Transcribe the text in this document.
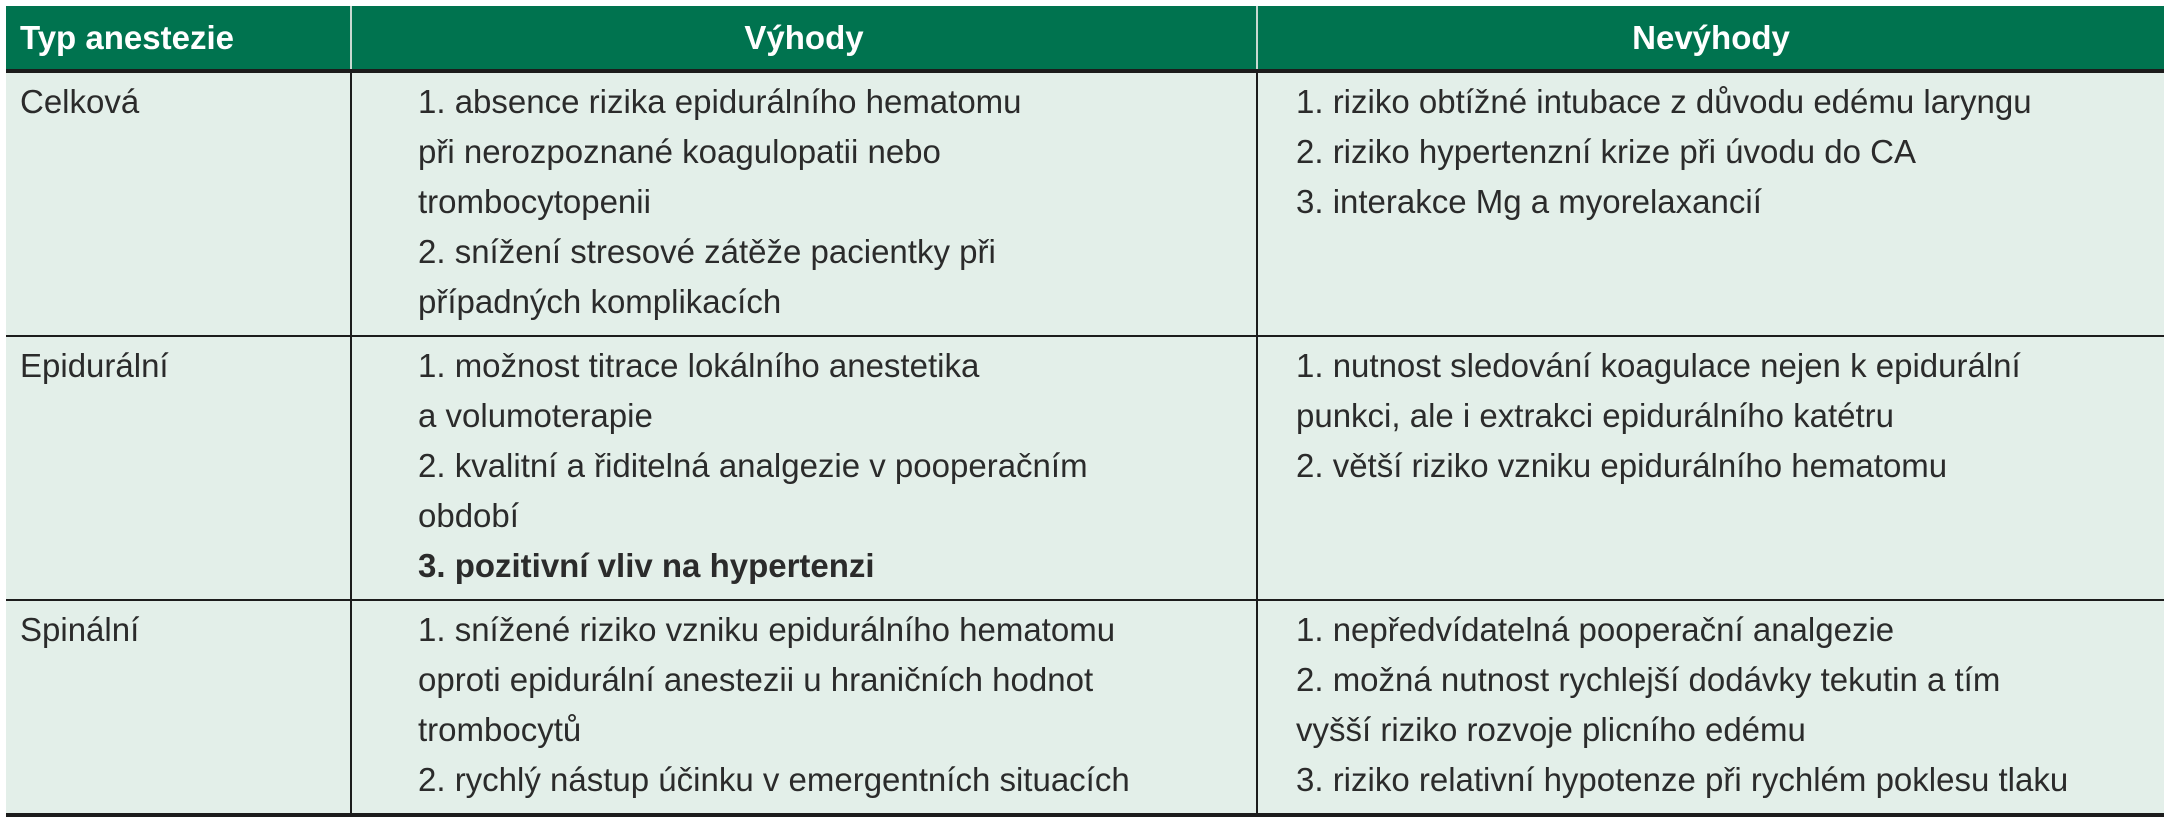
Typ anestezie	Výhody	Nevýhody
Celková	1. absence rizika epidurálního hematomu
při nerozpoznané koagulopatii nebo
trombocytopenii
2. snížení stresové zátěže pacientky při
případných komplikacích	1. riziko obtížné intubace z důvodu edému laryngu
2. riziko hypertenzní krize při úvodu do CA
3. interakce Mg a myorelaxancií

Epidurální	1. možnost titrace lokálního anestetika
a volumoterapie
2. kvalitní a řiditelná analgezie v pooperačním
období
3. pozitivní vliv na hypertenzi	1. nutnost sledování koagulace nejen k epidurální
punkci, ale i extrakci epidurálního katétru
2. větší riziko vzniku epidurálního hematomu

Spinální	1. snížené riziko vzniku epidurálního hematomu
oproti epidurální anestezii u hraničních hodnot
trombocytů
2. rychlý nástup účinku v emergentních situacích	1. nepředvídatelná pooperační analgezie
2. možná nutnost rychlejší dodávky tekutin a tím
vyšší riziko rozvoje plicního edému
3. riziko relativní hypotenze při rychlém poklesu tlaku
